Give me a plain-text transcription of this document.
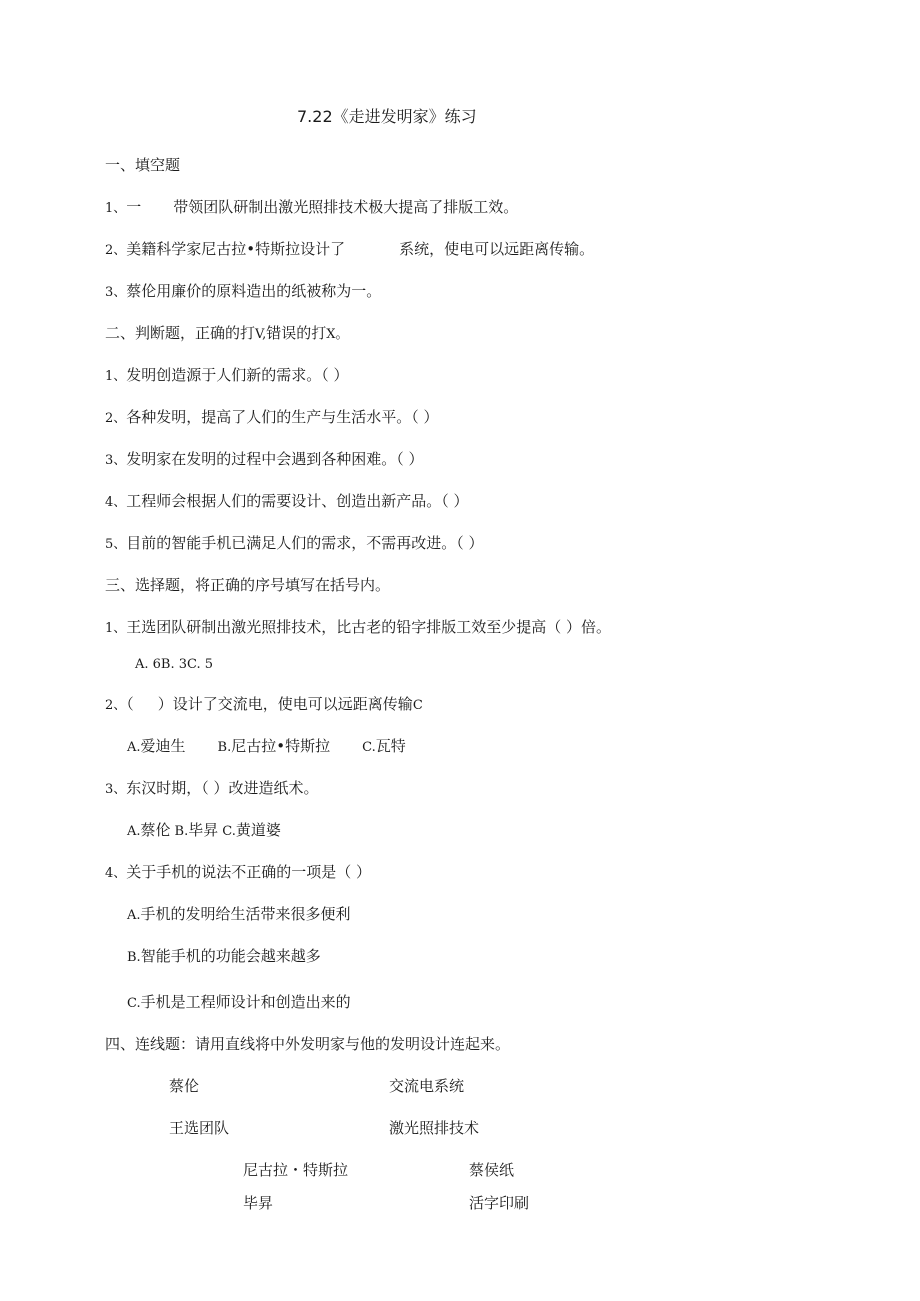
7.22《走进发明家》练习
一、填空题
1、一 带领团队研制出激光照排技术极大提高了排版工效。
2、美籍科学家尼古拉•特斯拉设计了	系统，使电可以远距离传输。
3、蔡伦用廉价的原料造出的纸被称为一。
二、判断题，正确的打V,错误的打X。
1、发明创造源于人们新的需求。（ ）
2、各种发明，提高了人们的生产与生活水平。（ ）
3、发明家在发明的过程中会遇到各种困难。（ ）
4、工程师会根据人们的需要设计、创造出新产品。（ ）
5、目前的智能手机已满足人们的需求，不需再改进。（ ）
三、选择题，将正确的序号填写在括号内。
1、王选团队研制出激光照排技术，比古老的铅字排版工效至少提高（ ）倍。
A. 6B. 3C. 5
2、（ ）设计了交流电，使电可以远距离传输C
A.爱迪生 B.尼古拉•特斯拉 C.瓦特
3、东汉时期，（ ）改进造纸术。
A.蔡伦 B.毕昇 C.黄道婆
4、关于手机的说法不正确的一项是（ ）
A.手机的发明给生活带来很多便利
B.智能手机的功能会越来越多
C.手机是工程师设计和创造出来的
四、连线题：请用直线将中外发明家与他的发明设计连起来。
蔡伦	交流电系统
王选团队	激光照排技术
尼古拉・特斯拉	蔡侯纸
毕昇	活字印刷
